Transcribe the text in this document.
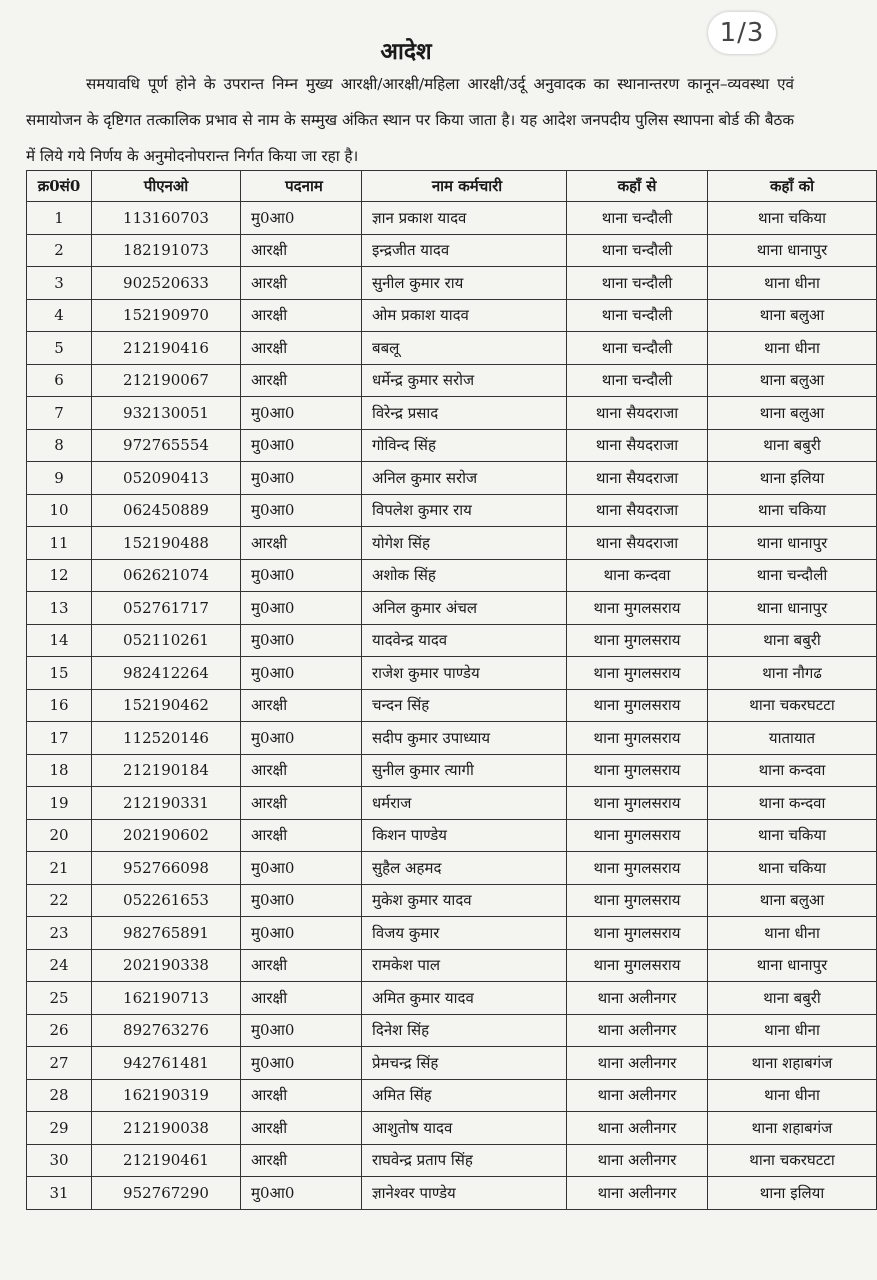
1/3
आदेश
समयावधि पूर्ण होने के उपरान्त निम्न मुख्य आरक्षी/आरक्षी/महिला आरक्षी/उर्दू अनुवादक का स्थानान्तरण कानून–व्यवस्था एवं समायोजन के दृष्टिगत तत्कालिक प्रभाव से नाम के सम्मुख अंकित स्थान पर किया जाता है। यह आदेश जनपदीय पुलिस स्थापना बोर्ड की बैठक में लिये गये निर्णय के अनुमोदनोपरान्त निर्गत किया जा रहा है।
क्र0सं0	पीएनओ	पदनाम	नाम कर्मचारी	कहाँ से	कहाँ को
1	113160703	मु0आ0	ज्ञान प्रकाश यादव	थाना चन्दौली	थाना चकिया
2	182191073	आरक्षी	इन्द्रजीत यादव	थाना चन्दौली	थाना धानापुर
3	902520633	आरक्षी	सुनील कुमार राय	थाना चन्दौली	थाना धीना
4	152190970	आरक्षी	ओम प्रकाश यादव	थाना चन्दौली	थाना बलुआ
5	212190416	आरक्षी	बबलू	थाना चन्दौली	थाना धीना
6	212190067	आरक्षी	धर्मेन्द्र कुमार सरोज	थाना चन्दौली	थाना बलुआ
7	932130051	मु0आ0	विरेन्द्र प्रसाद	थाना सैयदराजा	थाना बलुआ
8	972765554	मु0आ0	गोविन्द सिंह	थाना सैयदराजा	थाना बबुरी
9	052090413	मु0आ0	अनिल कुमार सरोज	थाना सैयदराजा	थाना इलिया
10	062450889	मु0आ0	विपलेश कुमार राय	थाना सैयदराजा	थाना चकिया
11	152190488	आरक्षी	योगेश सिंह	थाना सैयदराजा	थाना धानापुर
12	062621074	मु0आ0	अशोक सिंह	थाना कन्दवा	थाना चन्दौली
13	052761717	मु0आ0	अनिल कुमार अंचल	थाना मुगलसराय	थाना धानापुर
14	052110261	मु0आ0	यादवेन्द्र यादव	थाना मुगलसराय	थाना बबुरी
15	982412264	मु0आ0	राजेश कुमार पाण्डेय	थाना मुगलसराय	थाना नौगढ
16	152190462	आरक्षी	चन्दन सिंह	थाना मुगलसराय	थाना चकरघटटा
17	112520146	मु0आ0	सदीप कुमार उपाध्याय	थाना मुगलसराय	यातायात
18	212190184	आरक्षी	सुनील कुमार त्यागी	थाना मुगलसराय	थाना कन्दवा
19	212190331	आरक्षी	धर्मराज	थाना मुगलसराय	थाना कन्दवा
20	202190602	आरक्षी	किशन पाण्डेय	थाना मुगलसराय	थाना चकिया
21	952766098	मु0आ0	सुहैल अहमद	थाना मुगलसराय	थाना चकिया
22	052261653	मु0आ0	मुकेश कुमार यादव	थाना मुगलसराय	थाना बलुआ
23	982765891	मु0आ0	विजय कुमार	थाना मुगलसराय	थाना धीना
24	202190338	आरक्षी	रामकेश पाल	थाना मुगलसराय	थाना धानापुर
25	162190713	आरक्षी	अमित कुमार यादव	थाना अलीनगर	थाना बबुरी
26	892763276	मु0आ0	दिनेश सिंह	थाना अलीनगर	थाना धीना
27	942761481	मु0आ0	प्रेमचन्द्र सिंह	थाना अलीनगर	थाना शहाबगंज
28	162190319	आरक्षी	अमित सिंह	थाना अलीनगर	थाना धीना
29	212190038	आरक्षी	आशुतोष यादव	थाना अलीनगर	थाना शहाबगंज
30	212190461	आरक्षी	राघवेन्द्र प्रताप सिंह	थाना अलीनगर	थाना चकरघटटा
31	952767290	मु0आ0	ज्ञानेश्वर पाण्डेय	थाना अलीनगर	थाना इलिया
